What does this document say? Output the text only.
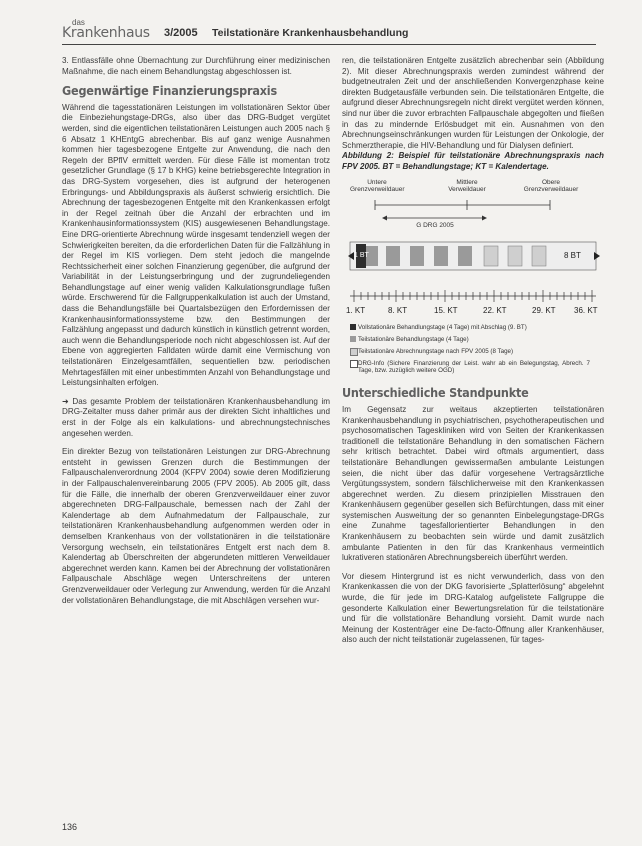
das
Krankenhaus 3/2005 Teilstationäre Krankenhausbehandlung

3. Entlassfälle ohne Übernachtung zur Durchführung einer medizinischen Maßnahme, die nach einem Behandlungstag abgeschlossen ist.

Gegenwärtige Finanzierungspraxis

Während die tagesstationären Leistungen im vollstationären Sektor über die Einbeziehungstage-DRGs, also über das DRG-Budget vergütet werden, sind die eigentlichen teilstationären Leistungen auch 2005 nach § 6 Absatz 1 KHEntgG abrechenbar. Bis auf ganz wenige Ausnahmen kommen hier tagesbezogene Entgelte zur Anwendung, die nach den Regeln der BPflV ermittelt werden. Für diese Fälle ist momentan trotz gesetzlicher Grundlage (§ 17 b KHG) keine betriebsgerechte Integration in das DRG-System vorgesehen, dies ist aufgrund der heterogenen Erbringungs- und Abbildungspraxis als äußerst schwierig ersichtlich. Die Abrechnung der tagesbezogenen Entgelte mit den Krankenkassen erfolgt in der Regel zeitnah über die Anzahl der erbrachten und im Krankenhausinformationssystem (KIS) ausgewiesenen Behandlungstage. Eine DRG-orientierte Abrechnung würde insgesamt tendenziell wegen der Schwierigkeiten bereiten, da die erforderlichen Daten für die Fallzählung in der Regel im KIS vorliegen. Dem steht jedoch die mangelnde Rechtssicherheit einer solchen Finanzierung gegenüber, die aufgrund der Variabilität in der Leistungserbringung und der zugrundeliegenden Behandlungstage auf einer wenig validen Kalkulationsgrundlage fußen würde. Erschwerend für die Fallgruppenkalkulation ist auch der Umstand, dass die Behandlungsfälle bei Quartalsbezügen den Erfordernissen der Krankenhausinformationssysteme bzw. den Bestimmungen der Fallzählung angepasst und dadurch künstlich in künstlich getrennt worden, auch wenn die Behandlungsperiode noch nicht abgeschlossen ist. Auf der Ebene von aggregierten Falldaten würde damit eine Vermischung von teilstationären Einzelgesamtfällen, sequentiellen bzw. periodischen Mehrtagesfällen mit einer unbestimmten Anzahl von Behandlungstage und Leistungsinhalten erfolgen.

➜ Das gesamte Problem der teilstationären Krankenhausbehandlung im DRG-Zeitalter muss daher primär aus der direkten Sicht inhaltliches und erst in der Folge als ein kalkulations- und abrechnungstechnisches angesehen werden.

Ein direkter Bezug von teilstationären Leistungen zur DRG-Abrechnung entsteht in gewissen Grenzen durch die Bestimmungen der Fallpauschalenverordnung 2004 (KFPV 2004) sowie deren Modifizierung in der Fallpauschalenvereinbarung 2005 (FPV 2005). Ab 2005 gilt, dass für die Fälle, die innerhalb der oberen Grenzverweildauer einer zuvor abgerechneten DRG-Fallpauschale, bemessen nach der Zahl der Kalendertage ab dem Aufnahmedatum der Fallpauschale, zur teilstationären Krankenhausbehandlung aufgenommen werden oder in demselben Krankenhaus von der vollstationären in die teilstationäre Versorgung wechseln, ein teilstationäres Entgelt erst nach dem 8. Kalendertag ab Überschreiten der abgerundeten mittleren Verweildauer abgerechnet werden kann. Kamen bei der Abrechnung der vollstationären Fallpauschale Abschläge wegen Unterschreitens der unteren Grenzverweildauer oder Verlegung zur Anwendung, werden für die Anzahl der vollstationären Behandlungstage, die mit Abschlägen versehen wur-

ren, die teilstationären Entgelte zusätzlich abrechenbar sein (Abbildung 2). Mit dieser Abrechnungspraxis werden zumindest während der budgetneutralen Zeit und der anschließenden Konvergenzphase keine direkten Budgetausfälle verbunden sein. Die teilstationären Entgelte, die aufgrund dieser Abrechnungsregeln nicht direkt vergütet werden können, sind nur über die zuvor erbrachten Fallpauschale abgegolten und fließen in das zu mindernde Erlösbudget mit ein. Ausnahmen von den Abrechnungseinschränkungen wurden für Leistungen der Onkologie, der Schmerztherapie, die HIV-Behandlung und für Dialysen definiert.

Abbildung 2: Beispiel für teilstationäre Abrechnungspraxis nach FPV 2005. BT = Behandlungstage; KT = Kalendertage.

Untere
Grenzverweildauer
Mittlere
Verweildauer
Obere
Grenzverweildauer
G DRG 2005
1 BT	8 BT
1. KT	8. KT	15. KT	22. KT	29. KT 36. KT
Vollstationäre Behandlungstage (4 Tage) mit Abschlag (9. BT)
Teilstationäre Behandlungstage (4 Tage)
Teilstationäre Abrechnungstage nach FPV 2005 (8 Tage)
DRG-Info (Sichere Finanzierung der Leist. wahr ab ein Belegungstag, Abrech. 7 Tage, bzw. zuzüglich weitere OGD)
Unterschiedliche Standpunkte

Im Gegensatz zur weitaus akzeptierten teilstationären Krankenhausbehandlung in psychiatrischen, psychotherapeutischen und psychosomatischen Tageskliniken wird von Seiten der Krankenkassen traditionell die teilstationäre Behandlung in den somatischen Fächern sehr kritisch betrachtet. Dabei wird oftmals argumentiert, dass teilstationäre Behandlungen gewissermaßen ambulante Leistungen seien, die nicht über das dafür vorgesehene Vertragsärztliche Vergütungssystem, sondern fälschlicherweise mit den Krankenkassen abgerechnet werden. Zu diesem prinzipiellen Misstrauen den Krankenhäusern gegenüber gesellen sich Befürchtungen, dass mit einer systemischen Ausweitung der so genannten Einbelegungstage-DRGs eine Zunahme tagesfallorientierter Behandlungen in den Krankenhäusern zu beobachten sein würde und damit zusätzlich ambulante Patienten in den für das Krankenhaus vermeintlich lukrativeren stationären Abrechnungsbereich überführt werden.

Vor diesem Hintergrund ist es nicht verwunderlich, dass von den Krankenkassen die von der DKG favorisierte „Splatterlösung“ abgelehnt wurde, die für jede im DRG-Katalog aufgelistete Fallgruppe die gesonderte Kalkulation einer Bewertungsrelation für die teilstationäre und für die vollstationäre Behandlung vorsieht. Damit wurde nach Meinung der Kostenträger eine De-facto-Öffnung aller Krankenhäuser, also auch der nicht teilstationär zugelassenen, für tages-

136
